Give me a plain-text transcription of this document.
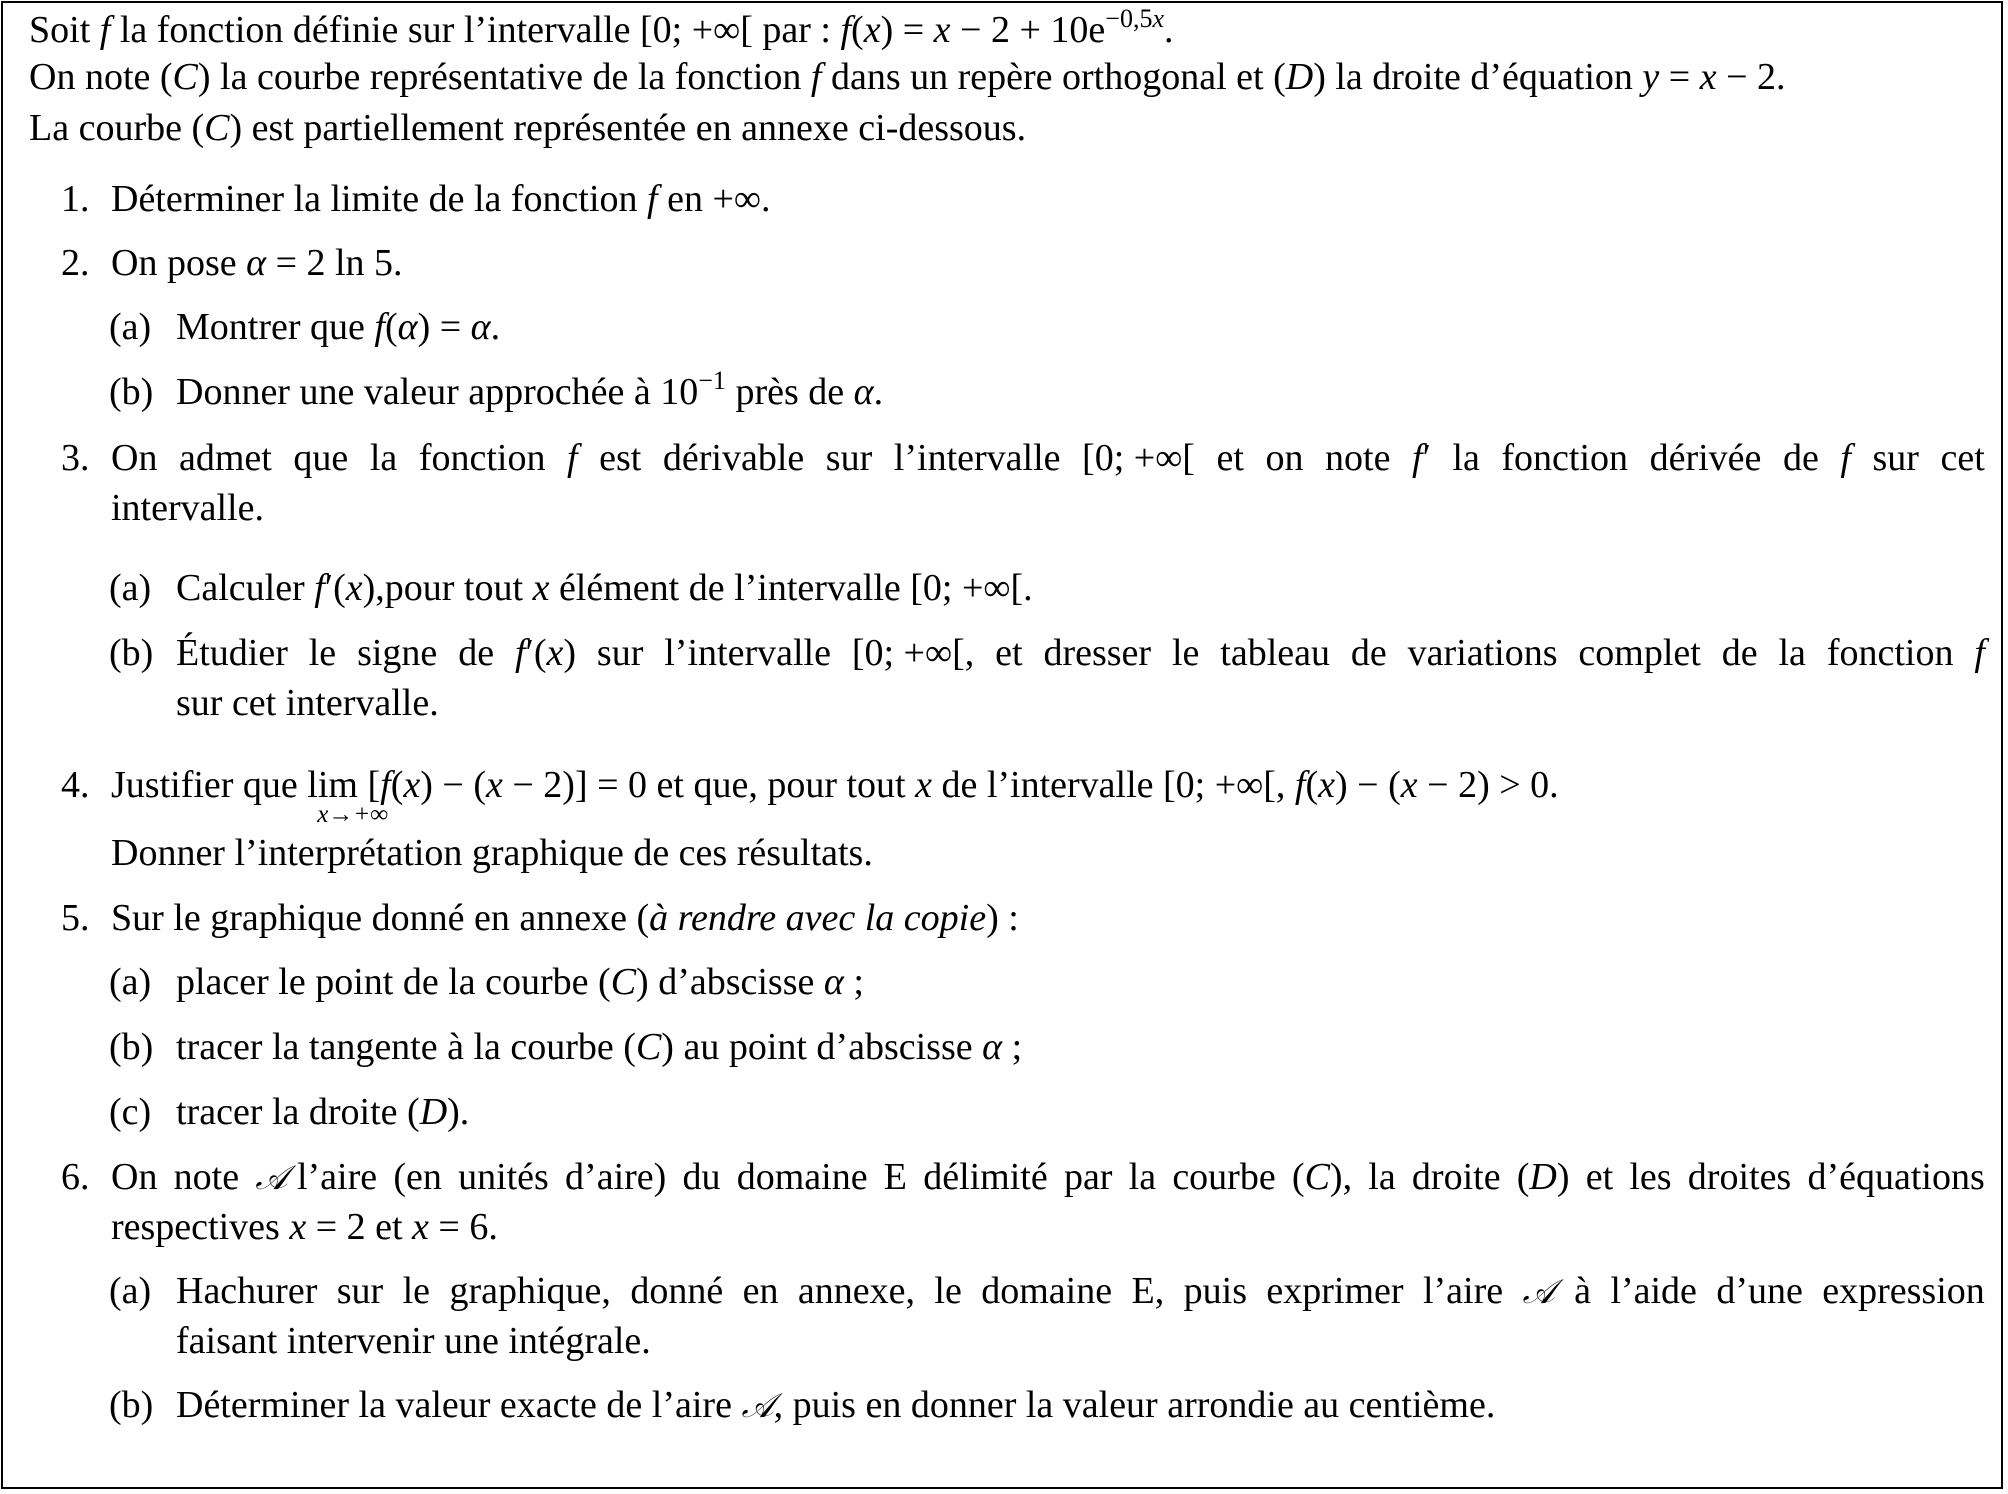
Soit f la fonction définie sur l’intervalle [0; +∞[ par : $f(x) = x - 2 + 10e^{-0,5x}$.
On note (C) la courbe représentative de la fonction f dans un repère orthogonal et (D) la droite d’équation y = x − 2.
La courbe (C) est partiellement représentée en annexe ci-dessous.
1. Déterminer la limite de la fonction f en +∞.
2. On pose α = 2 ln 5.
(a) Montrer que f(α) = α.
(b) Donner une valeur approchée à $10^{-1}$ près de α.
3. On admet que la fonction f est dérivable sur l’intervalle [0; +∞[ et on note f′ la fonction dérivée de f sur cet
intervalle.
(a) Calculer f′(x),pour tout x élément de l’intervalle [0; +∞[.
(b) Étudier le signe de f′(x) sur l’intervalle [0; +∞[, et dresser le tableau de variations complet de la fonction f
sur cet intervalle.
4. Justifier que lim
x→+∞
[f(x) − (x − 2)] = 0 et que, pour tout x de l’intervalle [0; +∞[, f(x) − (x − 2) > 0.
Donner l’interprétation graphique de ces résultats.
5. Sur le graphique donné en annexe (à rendre avec la copie) :
(a) placer le point de la courbe (C) d’abscisse α ;
(b) tracer la tangente à la courbe (C) au point d’abscisse α ;
(c) tracer la droite (D).
6. On note 𝒜 l’aire (en unités d’aire) du domaine E délimité par la courbe (C), la droite (D) et les droites d’équations
respectives x = 2 et x = 6.
(a) Hachurer sur le graphique, donné en annexe, le domaine E, puis exprimer l’aire 𝒜 à l’aide d’une expression
faisant intervenir une intégrale.
(b) Déterminer la valeur exacte de l’aire 𝒜, puis en donner la valeur arrondie au centième.
